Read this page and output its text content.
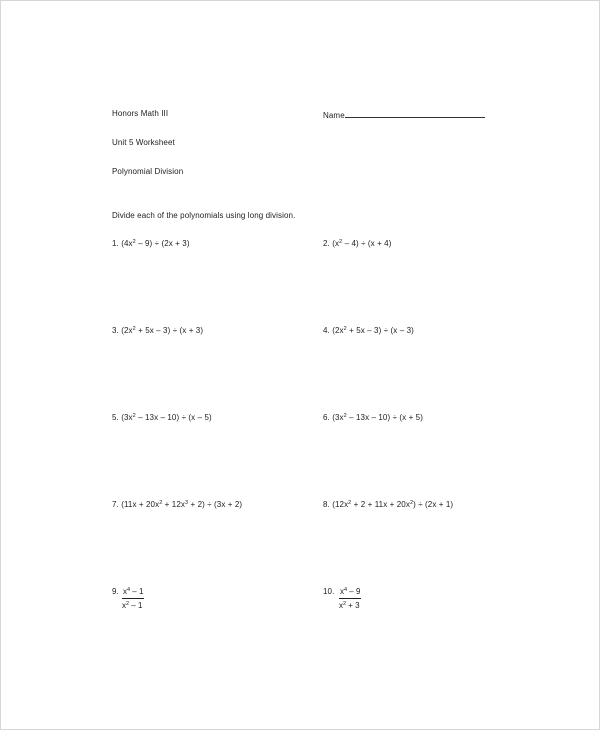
Honors Math III	Name
Unit 5 Worksheet
Polynomial Division
Divide each of the polynomials using long division.
1. $(4x^2 - 9) \div (2x + 3)$	2. $(x^2 - 4) \div (x + 4)$
3. $(2x^2 + 5x - 3) \div (x + 3)$	4. $(2x^2 + 5x - 3) \div (x - 3)$
5. $(3x^2 - 13x - 10) \div (x - 5)$	6. $(3x^2 - 13x - 10) \div (x + 5)$
7. $(11x + 20x^2 + 12x^3 + 2) \div (3x + 2)$	8. $(12x^2 + 2 + 11x + 20x^2) \div (2x + 1)$
9. $\frac{x^4 - 1}{x^2 - 1}$	10. $\frac{x^4 - 9}{x^2 + 3}$
